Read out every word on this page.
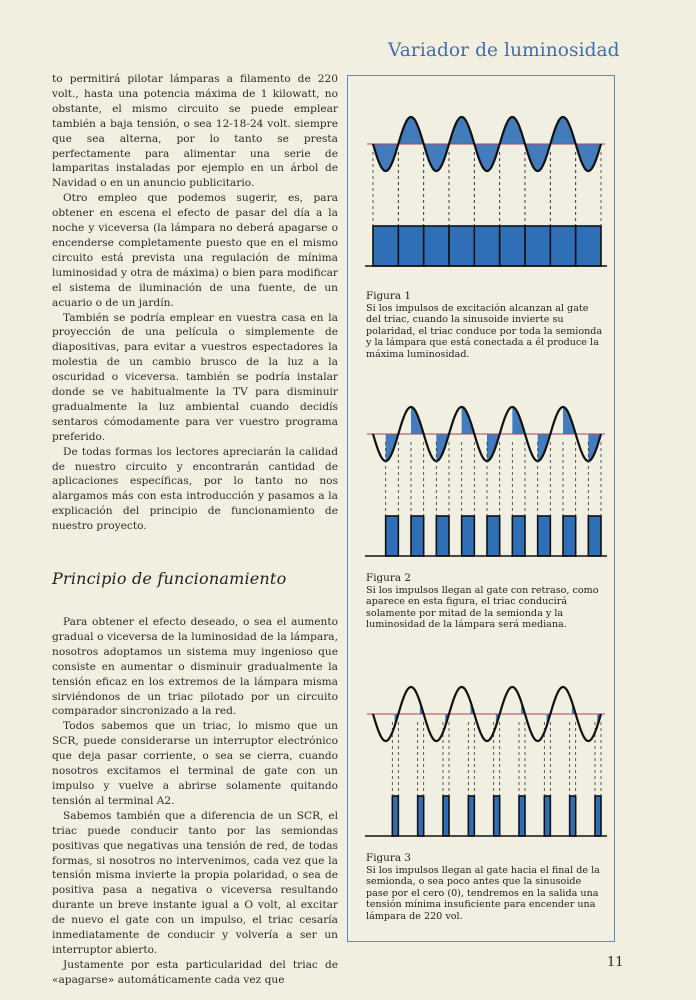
Variador de luminosidad

to permitirá pilotar lámparas a filamento de 220 volt., hasta una potencia máxima de 1 kilowatt, no obstante, el mismo circuito se puede emplear también a baja tensión, o sea 12-18-24 volt. siempre que sea alterna, por lo tanto se presta perfectamente para alimentar una serie de lamparitas instaladas por ejemplo en un árbol de Navidad o en un anuncio publicitario.

Otro empleo que podemos sugerir, es, para obtener en escena el efecto de pasar del día a la noche y viceversa (la lámpara no deberá apagarse o encenderse completamente puesto que en el mismo circuito está prevista una regulación de mínima luminosidad y otra de máxima) o bien para modificar el sistema de iluminación de una fuente, de un acuario o de un jardín.

También se podría emplear en vuestra casa en la proyección de una película o simplemente de diapositivas, para evitar a vuestros espectadores la molestia de un cambio brusco de la luz a la oscuridad o viceversa. también se podría instalar donde se ve habitualmente la TV para disminuir gradualmente la luz ambiental cuando decidís sentaros cómodamente para ver vuestro programa preferido.

De todas formas los lectores apreciarán la calidad de nuestro circuito y encontrarán cantidad de aplicaciones específicas, por lo tanto no nos alargamos más con esta introducción y pasamos a la explicación del principio de funcionamiento de nuestro proyecto.

Principio de funcionamiento

Para obtener el efecto deseado, o sea el aumento gradual o viceversa de la luminosidad de la lámpara, nosotros adoptamos un sistema muy ingenioso que consiste en aumentar o disminuir gradualmente la tensión eficaz en los extremos de la lámpara misma sirviéndonos de un triac pilotado por un circuito comparador sincronizado a la red.

Todos sabemos que un triac, lo mismo que un SCR, puede considerarse un interruptor electrónico que deja pasar corriente, o sea se cierra, cuando nosotros excitamos el terminal de gate con un impulso y vuelve a abrirse solamente quitando tensión al terminal A2.

Sabemos también que a diferencia de un SCR, el triac puede conducir tanto por las semiondas positivas que negativas una tensión de red, de todas formas, si nosotros no intervenimos, cada vez que la tensión misma invierte la propia polaridad, o sea de positiva pasa a negativa o viceversa resultando durante un breve instante igual a O volt, al excitar de nuevo el gate con un impulso, el triac cesaría inmediatamente de conducir y volvería a ser un interruptor abierto.

Justamente por esta particularidad del triac de «apagarse» automáticamente cada vez que

Figura 1
Si los impulsos de excitación alcanzan al gate del triac, cuando la sinusoide invierte su polaridad, el triac conduce por toda la semionda y la lámpara que está conectada a él produce la máxima luminosidad.
Figura 2
Si los impulsos llegan al gate con retraso, como aparece en esta figura, el triac conducirá solamente por mitad de la semionda y la luminosidad de la lámpara será mediana.
Figura 3
Si los impulsos llegan al gate hacia el final de la semionda, o sea poco antes que la sinusoide pase por el cero (0), tendremos en la salida una tensión mínima insuficiente para encender una lámpara de 220 vol.
11
